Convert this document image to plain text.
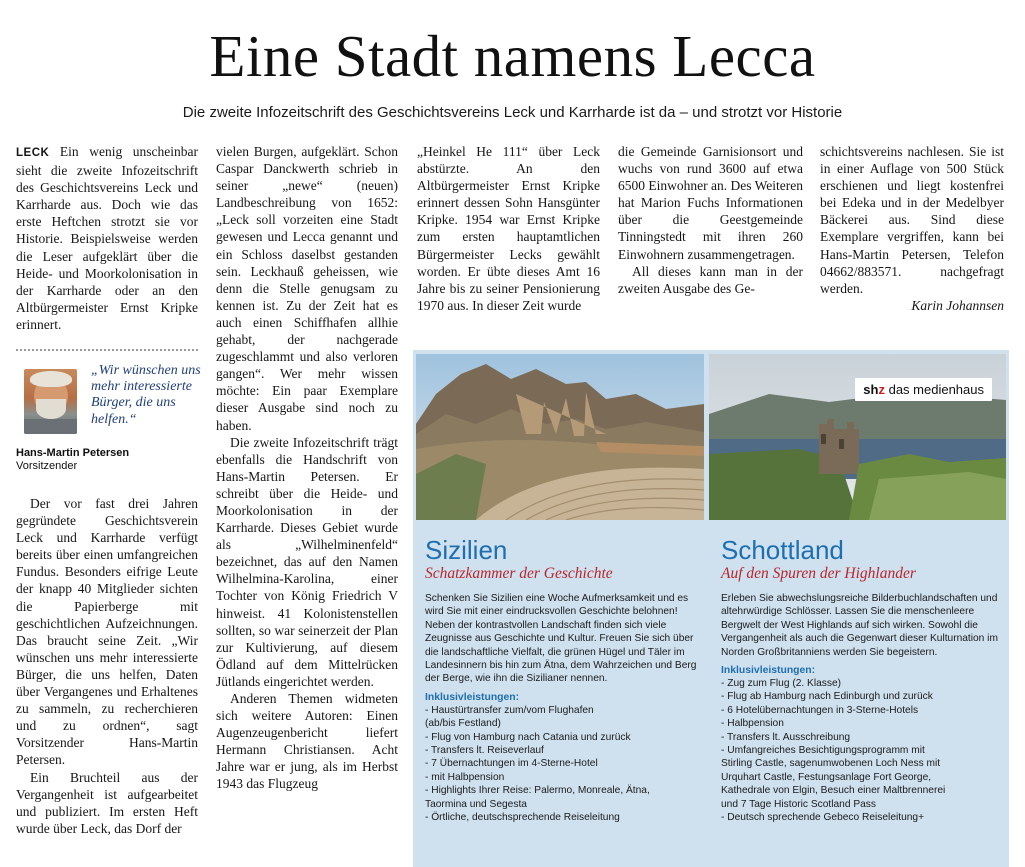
Eine Stadt namens Lecca
Die zweite Infozeitschrift des Geschichtsvereins Leck und Karrharde ist da – und strotzt vor Historie

LECK Ein wenig unscheinbar sieht die zweite Infozeitschrift des Geschichtsvereins Leck und Karrharde aus. Doch wie das erste Heftchen strotzt sie vor Historie. Beispielsweise werden die Leser aufgeklärt über die Heide- und Moorkolonisation in der Karrharde oder an den Altbürgermeister Ernst Kripke erinnert.

„Wir wünschen uns mehr interessierte Bürger, die uns helfen.“
Hans-Martin Petersen
Vorsitzender

Der vor fast drei Jahren gegründete Geschichtsverein Leck und Karrharde verfügt bereits über einen umfangreichen Fundus. Besonders eifrige Leute der knapp 40 Mitglieder sichten die Papierberge mit geschichtlichen Aufzeichnungen. Das braucht seine Zeit. „Wir wünschen uns mehr interessierte Bürger, die uns helfen, Daten über Vergangenes und Erhaltenes zu sammeln, zu recherchieren und zu ordnen“, sagt Vorsitzender Hans-Martin Petersen.

Ein Bruchteil aus der Vergangenheit ist aufgearbeitet und publiziert. Im ersten Heft wurde über Leck, das Dorf der

vielen Burgen, aufgeklärt. Schon Caspar Danckwerth schrieb in seiner „newe“ (neuen) Landbeschreibung von 1652: „Leck soll vorzeiten eine Stadt gewesen und Lecca genannt und ein Schloss daselbst gestanden sein. Leckhauß geheissen, wie denn die Stelle genugsam zu kennen ist. Zu der Zeit hat es auch einen Schiffhafen allhie gehabt, der nachgerade zugeschlammt und also verloren gangen“. Wer mehr wissen möchte: Ein paar Exemplare dieser Ausgabe sind noch zu haben.

Die zweite Infozeitschrift trägt ebenfalls die Handschrift von Hans-Martin Petersen. Er schreibt über die Heide- und Moorkolonisation in der Karrharde. Dieses Gebiet wurde als „Wilhelminenfeld“ bezeichnet, das auf den Namen Wilhelmina-Karolina, einer Tochter von König Friedrich V hinweist. 41 Kolonistenstellen sollten, so war seinerzeit der Plan zur Kultivierung, auf diesem Ödland auf dem Mittelrücken Jütlands eingerichtet werden.

Anderen Themen widmeten sich weitere Autoren: Einen Augenzeugenbericht liefert Hermann Christiansen. Acht Jahre war er jung, als im Herbst 1943 das Flugzeug

„Heinkel He 111“ über Leck abstürzte. An den Altbürgermeister Ernst Kripke erinnert dessen Sohn Hansgünter Kripke. 1954 war Ernst Kripke zum ersten hauptamtlichen Bürgermeister Lecks gewählt worden. Er übte dieses Amt 16 Jahre bis zu seiner Pensionierung 1970 aus. In dieser Zeit wurde

die Gemeinde Garnisionsort und wuchs von rund 3600 auf etwa 6500 Einwohner an. Des Weiteren hat Marion Fuchs Informationen über die Geestgemeinde Tinningstedt mit ihren 260 Einwohnern zusammengetragen.

All dieses kann man in der zweiten Ausgabe des Ge-

schichtsvereins nachlesen. Sie ist in einer Auflage von 500 Stück erschienen und liegt kostenfrei bei Edeka und in der Medelbyer Bäckerei aus. Sind diese Exemplare vergriffen, kann bei Hans-Martin Petersen, Telefon 04662/883571. nachgefragt werden.

Karin Johannsen

shz das medienhaus
Sizilien
Schatzkammer der Geschichte
Schenken Sie Sizilien eine Woche Aufmerksamkeit und es wird Sie mit einer eindrucksvollen Geschichte belohnen! Neben der kontrastvollen Landschaft finden sich viele Zeugnisse aus Geschichte und Kultur. Freuen Sie sich über die landschaftliche Vielfalt, die grünen Hügel und Täler im Landesinnern bis hin zum Ätna, dem Wahrzeichen und Berg der Berge, wie ihn die Sizilianer nennen.
Inklusivleistungen:
- Haustürtransfer zum/vom Flughafen
(ab/bis Festland)
- Flug von Hamburg nach Catania und zurück
- Transfers lt. Reiseverlauf
- 7 Übernachtungen im 4-Sterne-Hotel
- mit Halbpension
- Highlights Ihrer Reise: Palermo, Monreale, Ätna,
Taormina und Segesta
- Örtliche, deutschsprechende Reiseleitung
Schottland
Auf den Spuren der Highlander
Erleben Sie abwechslungsreiche Bilderbuchlandschaften und altehrwürdige Schlösser. Lassen Sie die menschenleere Bergwelt der West Highlands auf sich wirken. Sowohl die Vergangenheit als auch die Gegenwart dieser Kulturnation im Norden Großbritanniens werden Sie begeistern.
Inklusivleistungen:
- Zug zum Flug (2. Klasse)
- Flug ab Hamburg nach Edinburgh und zurück
- 6 Hotelübernachtungen in 3-Sterne-Hotels
- Halbpension
- Transfers lt. Ausschreibung
- Umfangreiches Besichtigungsprogramm mit
Stirling Castle, sagenumwobenen Loch Ness mit
Urquhart Castle, Festungsanlage Fort George,
Kathedrale von Elgin, Besuch einer Maltbrennerei
und 7 Tage Historic Scotland Pass
- Deutsch sprechende Gebeco Reiseleitung+
